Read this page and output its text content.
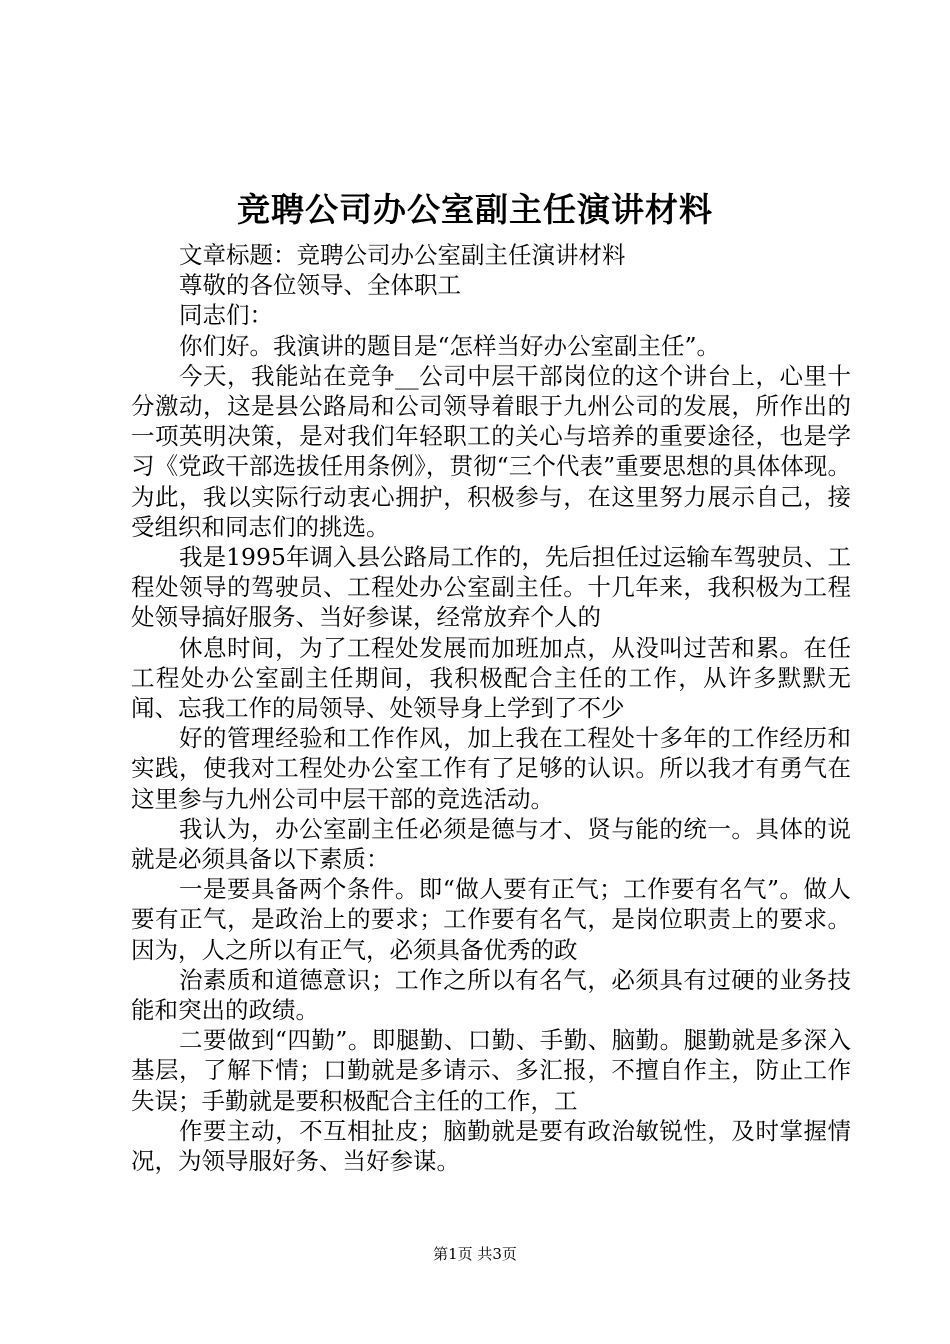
竞聘公司办公室副主任演讲材料

文章标题：竞聘公司办公室副主任演讲材料

尊敬的各位领导、全体职工

同志们：

你们好。我演讲的题目是“怎样当好办公室副主任”。

今天，我能站在竞争__公司中层干部岗位的这个讲台上，心里十分激动，这是县公路局和公司领导着眼于九州公司的发展，所作出的一项英明决策，是对我们年轻职工的关心与培养的重要途径，也是学习《党政干部选拔任用条例》，贯彻“三个代表”重要思想的具体体现。为此，我以实际行动衷心拥护，积极参与，在这里努力展示自己，接受组织和同志们的挑选。

我是1995年调入县公路局工作的，先后担任过运输车驾驶员、工程处领导的驾驶员、工程处办公室副主任。十几年来，我积极为工程处领导搞好服务、当好参谋，经常放弃个人的

休息时间，为了工程处发展而加班加点，从没叫过苦和累。在任工程处办公室副主任期间，我积极配合主任的工作，从许多默默无闻、忘我工作的局领导、处领导身上学到了不少

好的管理经验和工作作风，加上我在工程处十多年的工作经历和实践，使我对工程处办公室工作有了足够的认识。所以我才有勇气在这里参与九州公司中层干部的竞选活动。

我认为，办公室副主任必须是德与才、贤与能的统一。具体的说就是必须具备以下素质：

一是要具备两个条件。即“做人要有正气；工作要有名气”。做人要有正气，是政治上的要求；工作要有名气，是岗位职责上的要求。因为，人之所以有正气，必须具备优秀的政

治素质和道德意识；工作之所以有名气，必须具有过硬的业务技能和突出的政绩。

二要做到“四勤”。即腿勤、口勤、手勤、脑勤。腿勤就是多深入基层，了解下情；口勤就是多请示、多汇报，不擅自作主，防止工作失误；手勤就是要积极配合主任的工作，工

作要主动，不互相扯皮；脑勤就是要有政治敏锐性，及时掌握情况，为领导服好务、当好参谋。

第1页 共3页
